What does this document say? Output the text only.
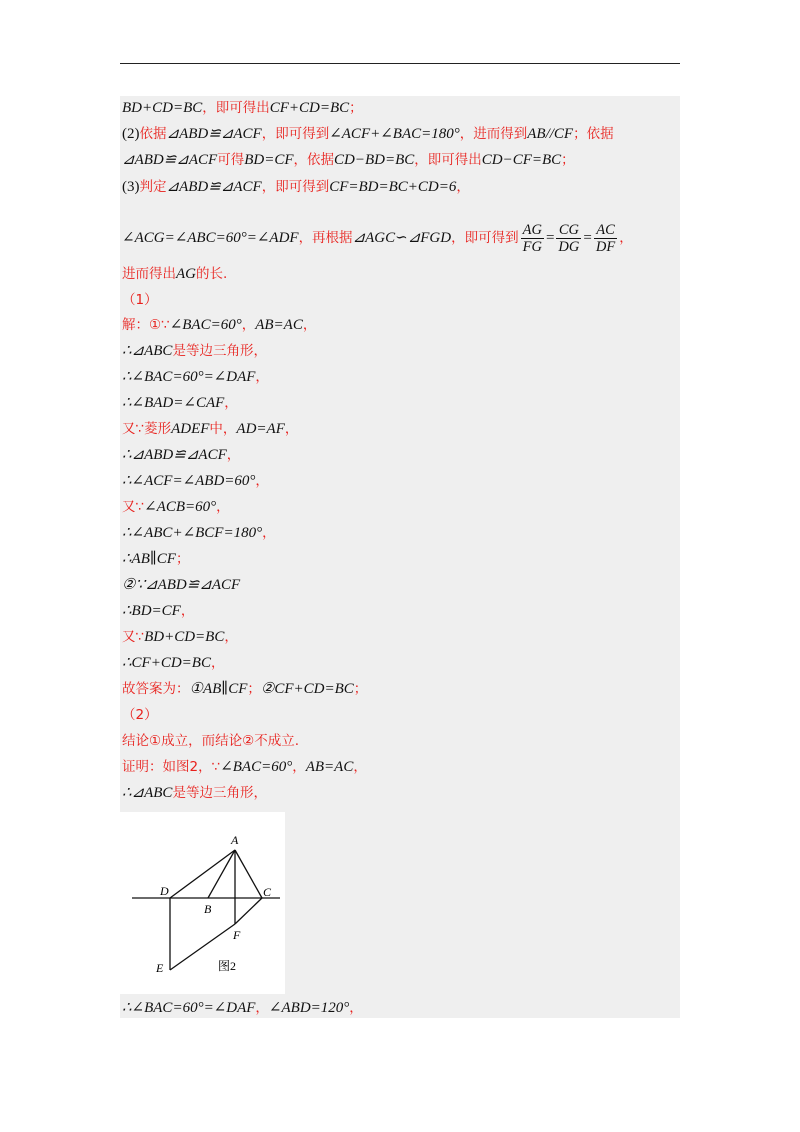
BD+CD=BC，即可得出CF+CD=BC；
(2)依据⊿ABD≌⊿ACF，即可得到∠ACF+∠BAC=180°，进而得到AB//CF；依据
⊿ABD≌⊿ACF可得BD=CF，依据CD−BD=BC，即可得出CD−CF=BC；
(3)判定⊿ABD≌⊿ACF，即可得到CF=BD=BC+CD=6，
∠ACG=∠ABC=60°=∠ADF，再根据⊿AGC∽⊿FGD，即可得到 $\frac{AG}{FG} = \frac{CG}{DG} = \frac{AC}{DF}$ ，
进而得出AG的长.
（1）
解：①∵∠BAC=60°，AB=AC，
∴⊿ABC是等边三角形，
∴∠BAC=60°=∠DAF，
∴∠BAD=∠CAF，
又∵菱形ADEF中，AD=AF，
∴⊿ABD≌⊿ACF，
∴∠ACF=∠ABD=60°，
又∵∠ACB=60°，
∴∠ABC+∠BCF=180°，
∴AB∥CF；
②∵⊿ABD≌⊿ACF
∴BD=CF，
又∵BD+CD=BC，
∴CF+CD=BC，
故答案为：①AB∥CF；②CF+CD=BC；
（2）
结论①成立，而结论②不成立.
证明：如图2，∵∠BAC=60°，AB=AC，
∴⊿ABC是等边三角形，
A
B
C
D
E
F
图2
∴∠BAC=60°=∠DAF，∠ABD=120°，
